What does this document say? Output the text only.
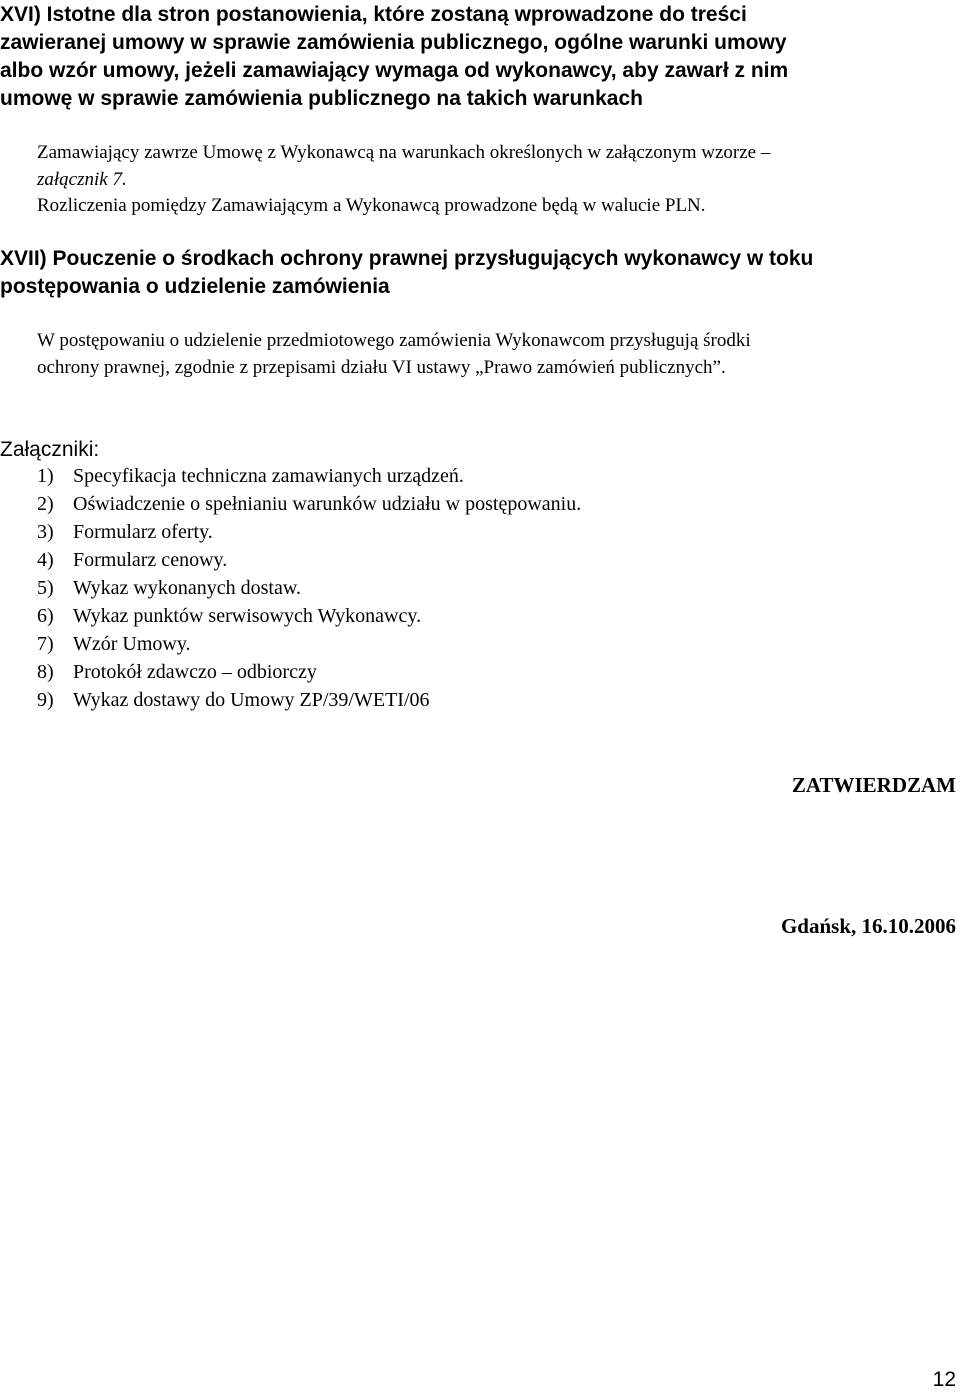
XVI) Istotne dla stron postanowienia, które zostaną wprowadzone do treści

zawieranej umowy w sprawie zamówienia publicznego, ogólne warunki umowy

albo wzór umowy, jeżeli zamawiający wymaga od wykonawcy, aby zawarł z nim

umowę w sprawie zamówienia publicznego na takich warunkach

Zamawiający zawrze Umowę z Wykonawcą na warunkach określonych w załączonym wzorze –

załącznik 7.

Rozliczenia pomiędzy Zamawiającym a Wykonawcą prowadzone będą w walucie PLN.

XVII) Pouczenie o środkach ochrony prawnej przysługujących wykonawcy w toku

postępowania o udzielenie zamówienia

W postępowaniu o udzielenie przedmiotowego zamówienia Wykonawcom przysługują środki

ochrony prawnej, zgodnie z przepisami działu VI ustawy „Prawo zamówień publicznych”.

Załączniki:

1) Specyfikacja techniczna zamawianych urządzeń.
2) Oświadczenie o spełnianiu warunków udziału w postępowaniu.
3) Formularz oferty.
4) Formularz cenowy.
5) Wykaz wykonanych dostaw.
6) Wykaz punktów serwisowych Wykonawcy.
7) Wzór Umowy.
8) Protokół zdawczo – odbiorczy
9) Wykaz dostawy do Umowy ZP/39/WETI/06

ZATWIERDZAM

Gdańsk, 16.10.2006

12
